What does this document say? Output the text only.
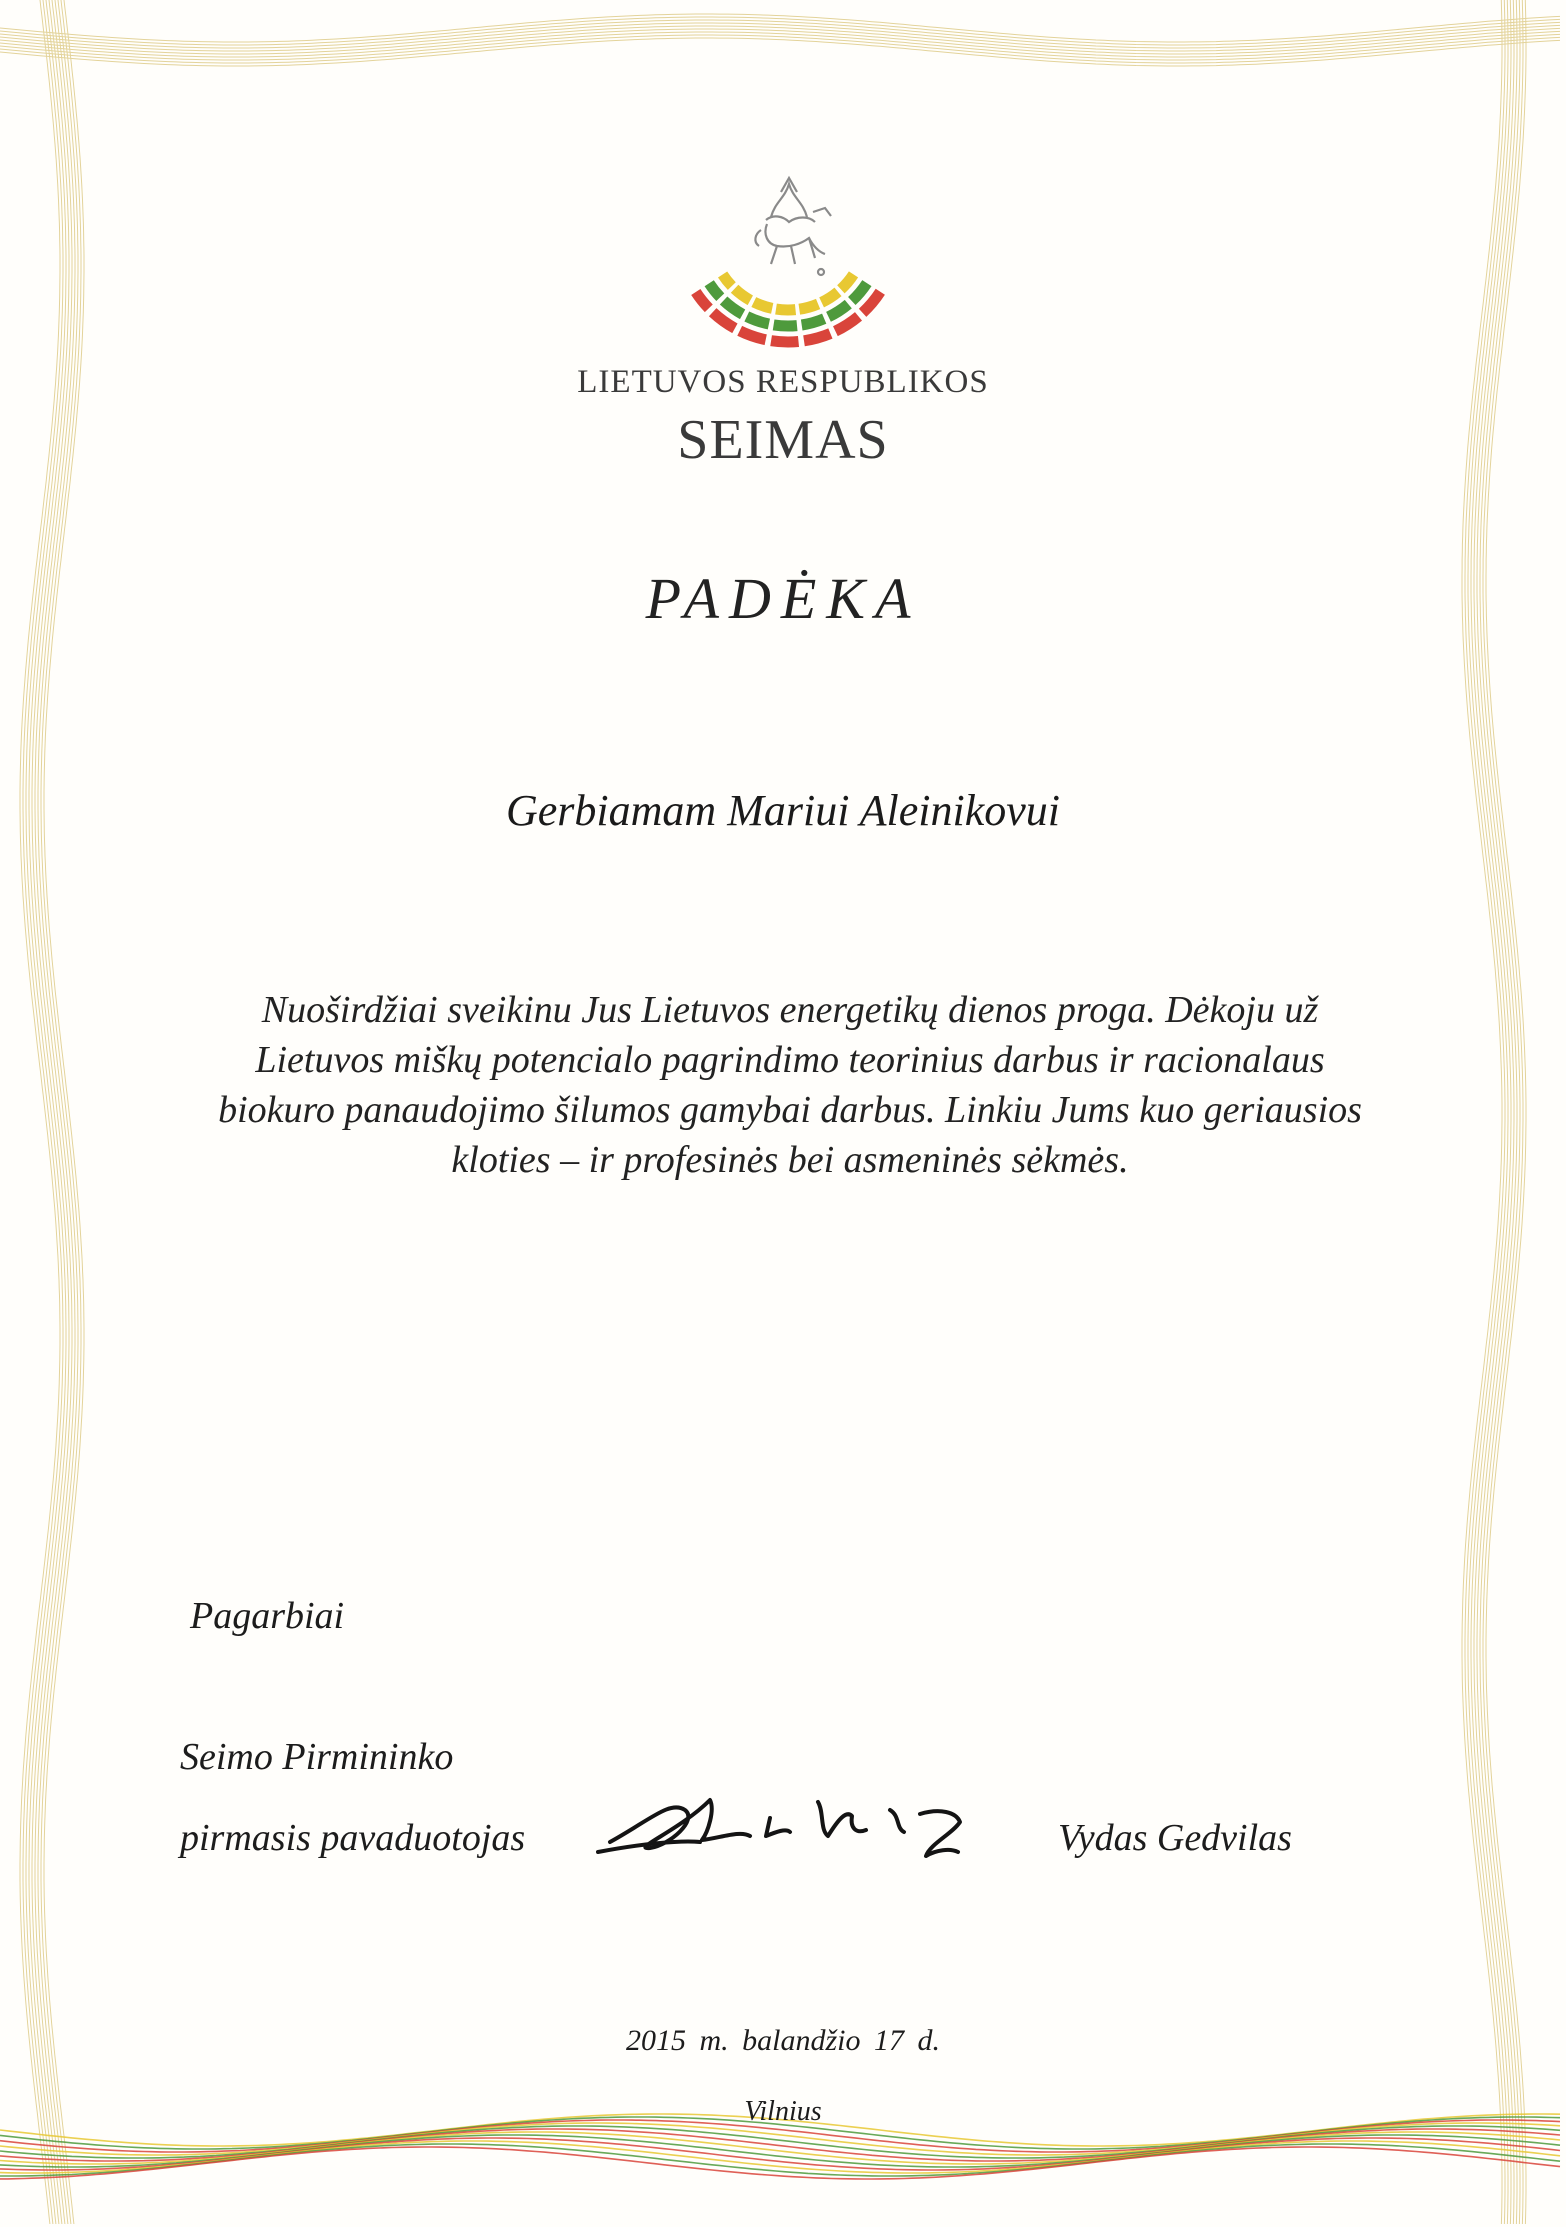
LIETUVOS RESPUBLIKOS
SEIMAS
PADĖKA
Gerbiamam Mariui Aleinikovui
Nuoširdžiai sveikinu Jus Lietuvos energetikų dienos proga. Dėkoju už
Lietuvos miškų potencialo pagrindimo teorinius darbus ir racionalaus
biokuro panaudojimo šilumos gamybai darbus. Linkiu Jums kuo geriausios
kloties – ir profesinės bei asmeninės sėkmės.
Pagarbiai
Seimo Pirmininko
pirmasis pavaduotojas	Vydas Gedvilas
2015 m. balandžio 17 d.
Vilnius
